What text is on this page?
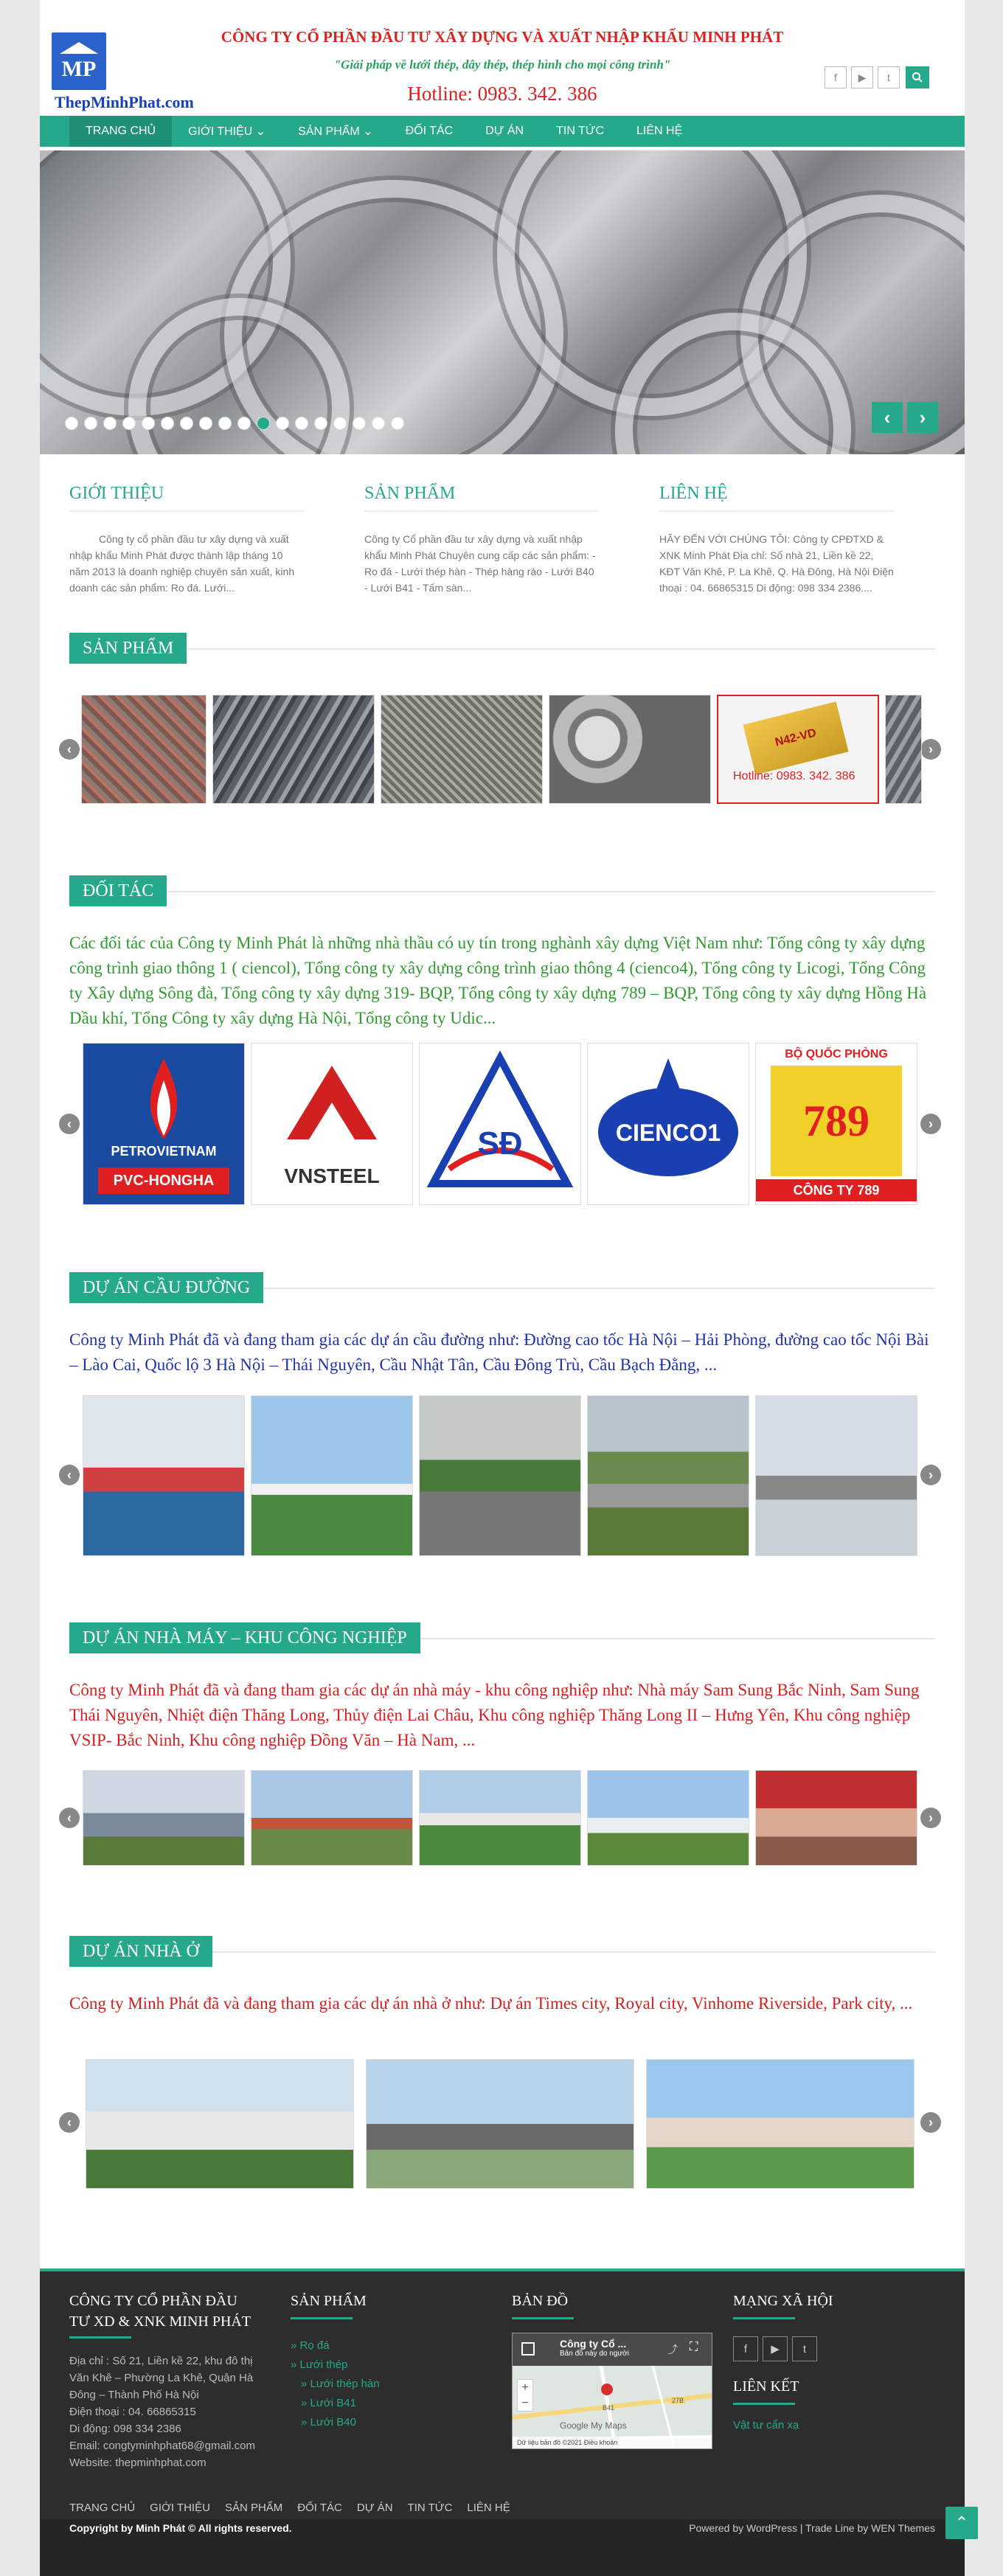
MP
ThepMinhPhat.com
CÔNG TY CỔ PHẦN ĐẦU TƯ XÂY DỰNG VÀ XUẤT NHẬP KHẨU MINH PHÁT
"Giải pháp về lưới thép, dây thép, thép hình cho mọi công trình"
Hotline: 0983. 342. 386
f	▶	t
TRANG CHỦ	GIỚI THIỆU ⌄	SẢN PHẨM ⌄	ĐỐI TÁC	DỰ ÁN	TIN TỨC	LIÊN HỆ
‹	›
GIỚI THIỆU
Công ty cổ phần đầu tư xây dựng và xuất nhập khẩu Minh Phát được thành lập tháng 10 năm 2013 là doanh nghiệp chuyên sản xuất, kinh doanh các sản phẩm: Ro đá. Lưới...
SẢN PHẨM
Công ty Cổ phần đầu tư xây dựng và xuất nhập khẩu Minh Phát Chuyên cung cấp các sản phẩm: - Ro đá - Lưới thép hàn - Thép hàng rào - Lưới B40 - Lưới B41 - Tấm sàn...
LIÊN HỆ
HÃY ĐẾN VỚI CHÚNG TÔI: Công ty CPĐTXD & XNK Minh Phát Địa chỉ: Số nhà 21, Liền kề 22, KĐT Văn Khê, P. La Khê, Q. Hà Đông, Hà Nội Điện thoại : 04. 66865315 Di động: 098 334 2386....
SẢN PHẨM
‹	›
N42-VD
Hotline: 0983. 342. 386
ĐỐI TÁC
Các đối tác của Công ty Minh Phát là những nhà thầu có uy tín trong nghành xây dựng Việt Nam như: Tổng công ty xây dựng công trình giao thông 1 ( ciencol), Tổng công ty xây dựng công trình giao thông 4 (cienco4), Tổng công ty Licogi, Tổng Công ty Xây dựng Sông đà, Tổng công ty xây dựng 319- BQP, Tổng công ty xây dựng 789 – BQP, Tổng công ty xây dựng Hồng Hà Dầu khí, Tổng Công ty xây dựng Hà Nội, Tổng công ty Udic...
‹	›
PETROVIETNAM
PVC-HONGHA	VNSTEEL
SĐ	CIENCO1
BỘ QUỐC PHÒNG
789
CÔNG TY 789
DỰ ÁN CẦU ĐƯỜNG
Công ty Minh Phát đã và đang tham gia các dự án cầu đường như: Đường cao tốc Hà Nội – Hải Phòng, đường cao tốc Nội Bài – Lào Cai, Quốc lộ 3 Hà Nội – Thái Nguyên, Cầu Nhật Tân, Cầu Đông Trù, Cầu Bạch Đằng, ...
‹	›
DỰ ÁN NHÀ MÁY – KHU CÔNG NGHIỆP
Công ty Minh Phát đã và đang tham gia các dự án nhà máy - khu công nghiệp như: Nhà máy Sam Sung Bắc Ninh, Sam Sung Thái Nguyên, Nhiệt điện Thăng Long, Thủy điện Lai Châu, Khu công nghiệp Thăng Long II – Hưng Yên, Khu công nghiệp VSIP- Bắc Ninh, Khu công nghiệp Đồng Văn – Hà Nam, ...
‹	›
DỰ ÁN NHÀ Ở
Công ty Minh Phát đã và đang tham gia các dự án nhà ở như: Dự án Times city, Royal city, Vinhome Riverside, Park city, ...
‹	›
CÔNG TY CỔ PHẦN ĐẦU TƯ XD & XNK MINH PHÁT
Địa chỉ : Số 21, Liền kề 22, khu đô thị Văn Khê – Phường La Khê, Quận Hà Đông – Thành Phố Hà Nội
Điện thoại : 04. 66865315
Di động: 098 334 2386
Email: congtyminhphat68@gmail.com
Website: thepminhphat.com
SẢN PHẨM
» Rọ đá
» Lưới thép
» Lưới thép hàn
» Lưới B41
» Lưới B40
BẢN ĐỒ
Công ty Cổ ...
Bản đồ này do người	⤴ ⛶
B41
27B
+
−
Google My Maps
Dữ liệu bản đồ ©2021 Điều khoản
MẠNG XÃ HỘI
f	▶	t
LIÊN KẾT
Vật tư cẩn xạ
TRANG CHỦ GIỚI THIỆU SẢN PHẨM ĐỐI TÁC DỰ ÁN TIN TỨC LIÊN HỆ
Copyright by Minh Phát © All rights reserved.	Powered by WordPress | Trade Line by WEN Themes	⌃
